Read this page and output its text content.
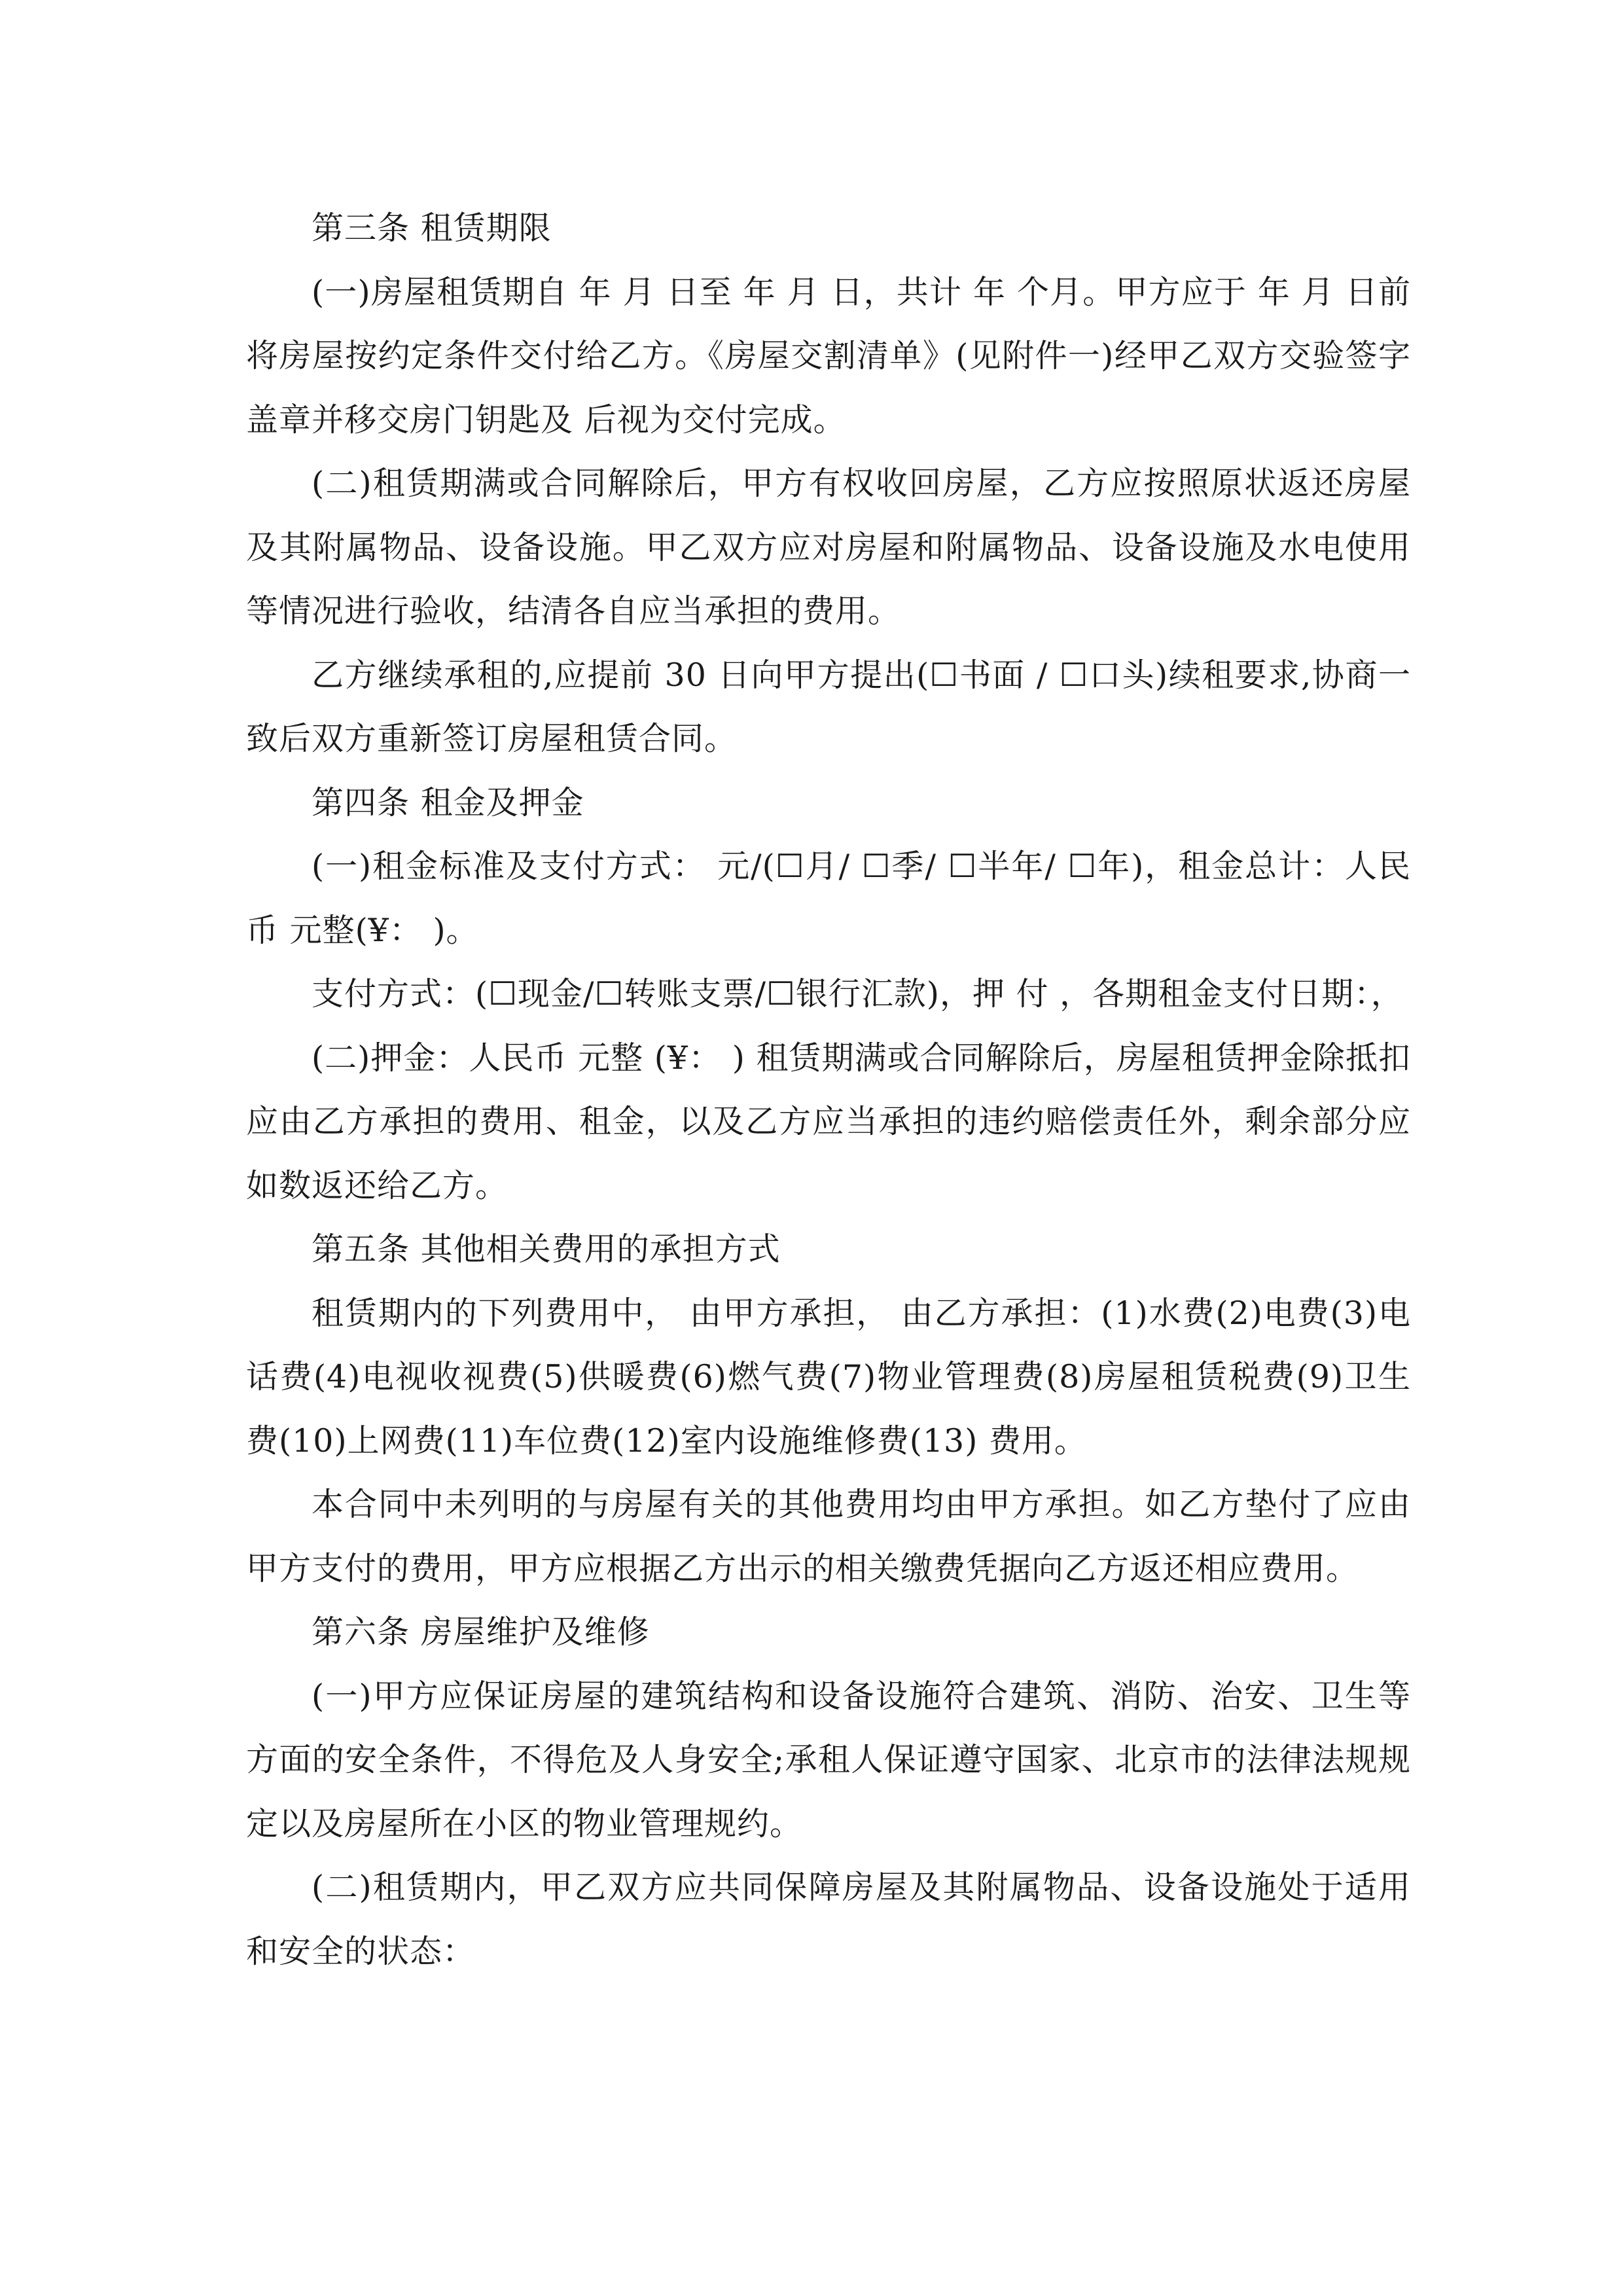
第三条 租赁期限

(一)房屋租赁期自 年 月 日至 年 月 日，共计 年 个月。甲方应于 年 月 日前将房屋按约定条件交付给乙方。《房屋交割清单》(见附件一)经甲乙双方交验签字盖章并移交房门钥匙及 后视为交付完成。

(二)租赁期满或合同解除后，甲方有权收回房屋，乙方应按照原状返还房屋及其附属物品、设备设施。甲乙双方应对房屋和附属物品、设备设施及水电使用等情况进行验收，结清各自应当承担的费用。

乙方继续承租的,应提前 30 日向甲方提出(☐书面 / ☐口头)续租要求,协商一致后双方重新签订房屋租赁合同。

第四条 租金及押金

(一)租金标准及支付方式： 元/(☐月/ ☐季/ ☐半年/ ☐年)，租金总计：人民币 元整(¥： )。

支付方式：(☐现金/☐转账支票/☐银行汇款)，押 付 ，各期租金支付日期：，

(二)押金：人民币 元整 (¥： ) 租赁期满或合同解除后，房屋租赁押金除抵扣应由乙方承担的费用、租金，以及乙方应当承担的违约赔偿责任外，剩余部分应如数返还给乙方。

第五条 其他相关费用的承担方式

租赁期内的下列费用中， 由甲方承担， 由乙方承担：(1)水费(2)电费(3)电话费(4)电视收视费(5)供暖费(6)燃气费(7)物业管理费(8)房屋租赁税费(9)卫生费(10)上网费(11)车位费(12)室内设施维修费(13) 费用。

本合同中未列明的与房屋有关的其他费用均由甲方承担。如乙方垫付了应由甲方支付的费用，甲方应根据乙方出示的相关缴费凭据向乙方返还相应费用。

第六条 房屋维护及维修

(一)甲方应保证房屋的建筑结构和设备设施符合建筑、消防、治安、卫生等方面的安全条件，不得危及人身安全;承租人保证遵守国家、北京市的法律法规规定以及房屋所在小区的物业管理规约。

(二)租赁期内，甲乙双方应共同保障房屋及其附属物品、设备设施处于适用和安全的状态：
